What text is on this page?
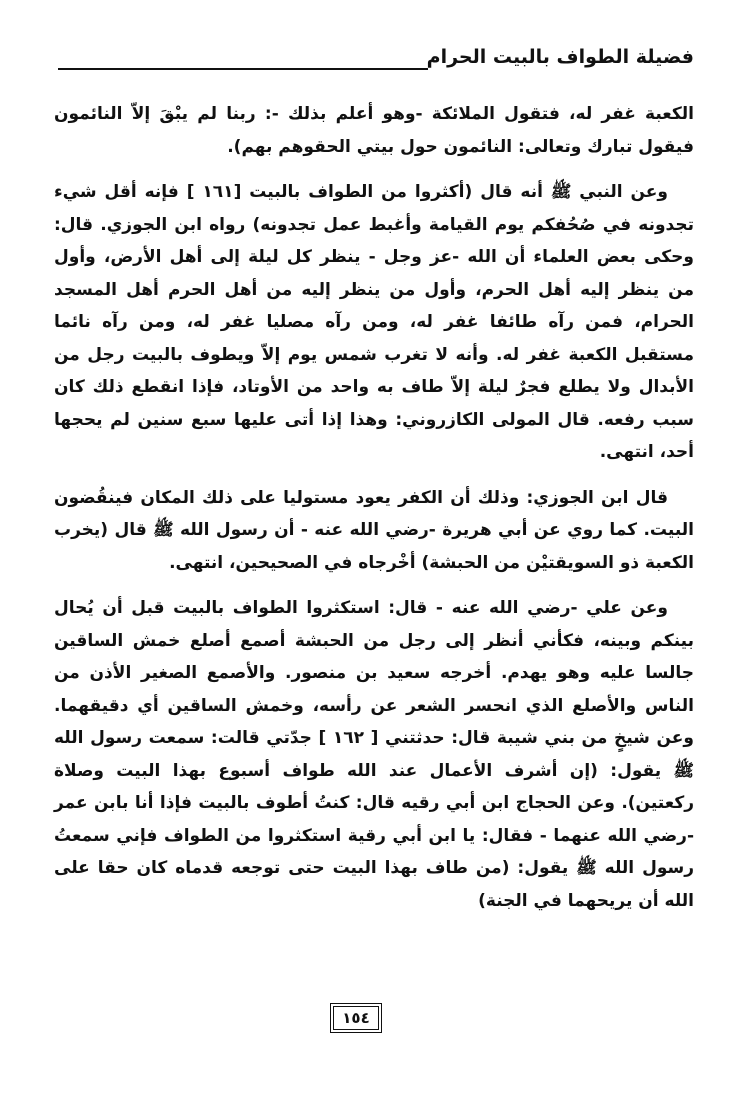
فضيلة الطواف بالبيت الحرام

الكعبة غفر له، فتقول الملائكة -وهو أعلم بذلك -: ربنا لم يبْقَ إلاّ النائمون فيقول تبارك وتعالى: النائمون حول بيتي الحقوهم بهم).

وعن النبي ﷺ أنه قال (أكثروا من الطواف بالبيت [١٦١ ] فإنه أقل شيء تجدونه في صُحُفكم يوم القيامة وأغبط عمل تجدونه) رواه ابن الجوزي. قال: وحكى بعض العلماء أن الله -عز وجل - ينظر كل ليلة إلى أهل الأرض، وأول من ينظر إليه أهل الحرم، وأول من ينظر إليه من أهل الحرم أهل المسجد الحرام، فمن رآه طائفا غفر له، ومن رآه مصليا غفر له، ومن رآه نائما مستقبل الكعبة غفر له. وأنه لا تغرب شمس يوم إلاّ ويطوف بالبيت رجل من الأبدال ولا يطلع فجرٌ ليلة إلاّ طاف به واحد من الأوتاد، فإذا انقطع ذلك كان سبب رفعه. قال المولى الكازروني: وهذا إذا أتى عليها سبع سنين لم يحجها أحد، انتهى.

قال ابن الجوزي: وذلك أن الكفر يعود مستوليا على ذلك المكان فينقُضون البيت. كما روي عن أبي هريرة -رضي الله عنه - أن رسول الله ﷺ قال (يخرب الكعبة ذو السويقتيْن من الحبشة) أخْرجاه في الصحيحين، انتهى.

وعن علي -رضي الله عنه - قال: استكثروا الطواف بالبيت قبل أن يُحال بينكم وبينه، فكأني أنظر إلى رجل من الحبشة أصمع أصلع خمش الساقين جالسا عليه وهو يهدم. أخرجه سعيد بن منصور. والأصمع الصغير الأذن من الناس والأصلع الذي انحسر الشعر عن رأسه، وخمش الساقين أي دقيقهما. وعن شيخٍ من بني شيبة قال: حدثتني [ ١٦٢ ] جدّتي قالت: سمعت رسول الله ﷺ يقول: (إن أشرف الأعمال عند الله طواف أسبوع بهذا البيت وصلاة ركعتين). وعن الحجاج ابن أبي رقيه قال: كنتُ أطوف بالبيت فإذا أنا بابن عمر -رضي الله عنهما - فقال: يا ابن أبي رقية استكثروا من الطواف فإني سمعتُ رسول الله ﷺ يقول: (من طاف بهذا البيت حتى توجعه قدماه كان حقا على الله أن يريحهما في الجنة)

١٥٤
